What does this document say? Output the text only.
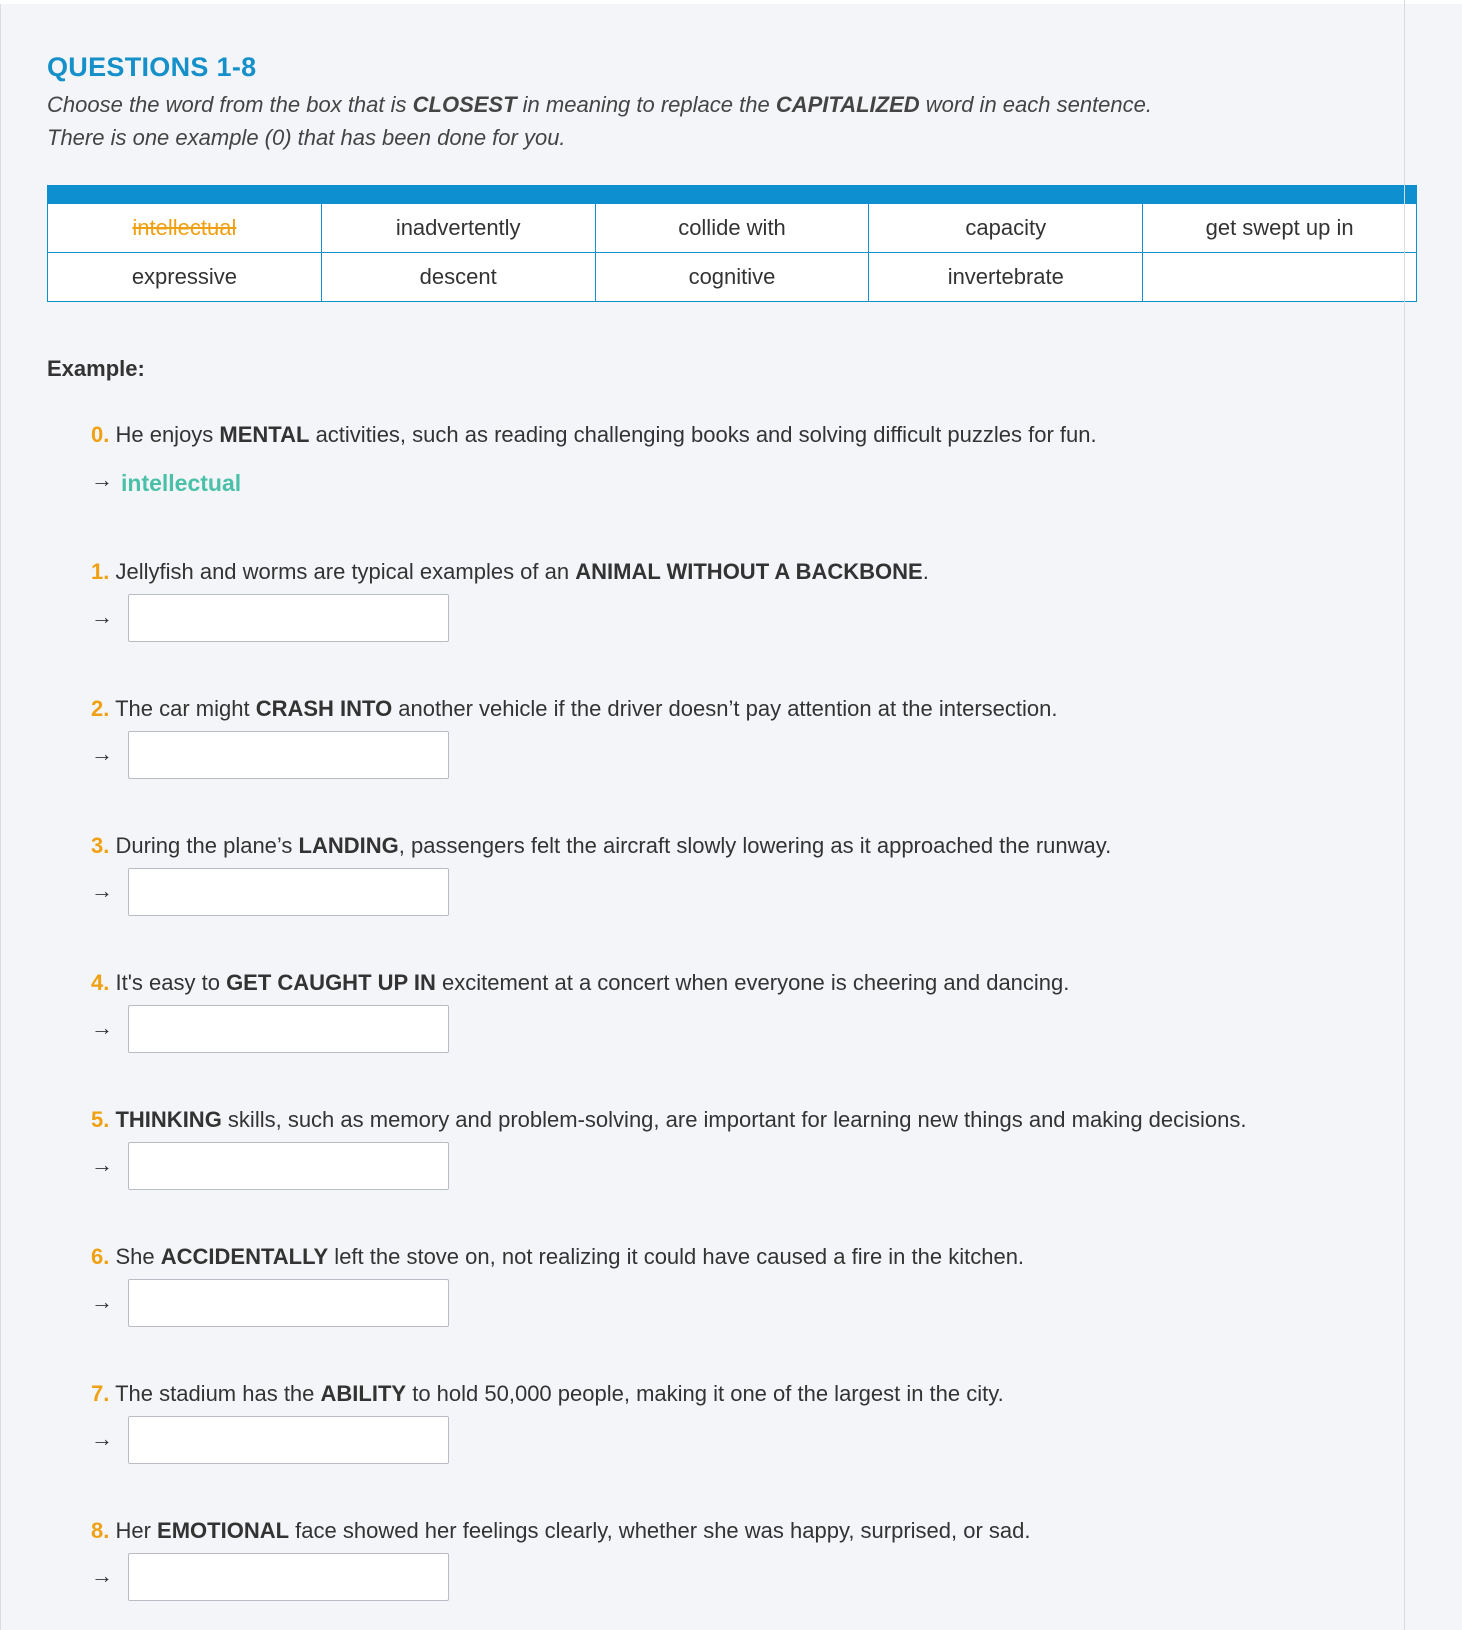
QUESTIONS 1-8
Choose the word from the box that is CLOSEST in meaning to replace the CAPITALIZED word in each sentence.
There is one example (0) that has been done for you.
intellectual	inadvertently	collide with	capacity	get swept up in
expressive	descent	cognitive	invertebrate	
Example:
0. He enjoys MENTAL activities, such as reading challenging books and solving difficult puzzles for fun.
→ intellectual
1. Jellyfish and worms are typical examples of an ANIMAL WITHOUT A BACKBONE.
→
2. The car might CRASH INTO another vehicle if the driver doesn’t pay attention at the intersection.
→
3. During the plane’s LANDING, passengers felt the aircraft slowly lowering as it approached the runway.
→
4. It's easy to GET CAUGHT UP IN excitement at a concert when everyone is cheering and dancing.
→
5. THINKING skills, such as memory and problem-solving, are important for learning new things and making decisions.
→
6. She ACCIDENTALLY left the stove on, not realizing it could have caused a fire in the kitchen.
→
7. The stadium has the ABILITY to hold 50,000 people, making it one of the largest in the city.
→
8. Her EMOTIONAL face showed her feelings clearly, whether she was happy, surprised, or sad.
→
